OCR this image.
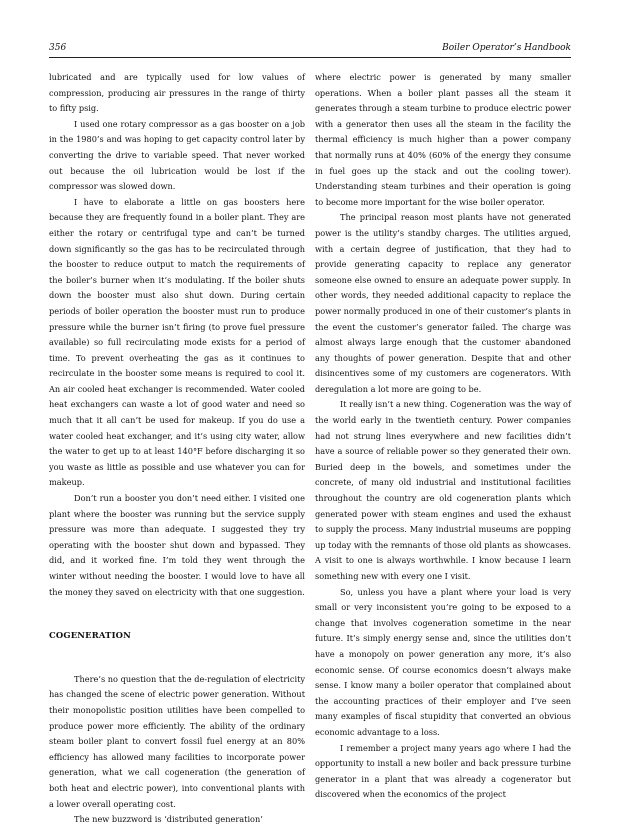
356	Boiler Operator’s Handbook

lubricated and are typically used for low values of compression, producing air pressures in the range of thirty to fifty psig.

I used one rotary compressor as a gas booster on a job in the 1980’s and was hoping to get capacity control later by converting the drive to variable speed. That never worked out because the oil lubrication would be lost if the compressor was slowed down.

I have to elaborate a little on gas boosters here because they are frequently found in a boiler plant. They are either the rotary or centrifugal type and can’t be turned down significantly so the gas has to be recirculated through the booster to reduce output to match the requirements of the boiler’s burner when it’s modulating. If the boiler shuts down the booster must also shut down. During certain periods of boiler operation the booster must run to produce pressure while the burner isn’t firing (to prove fuel pressure available) so full recirculating mode exists for a period of time. To prevent overheating the gas as it continues to recirculate in the booster some means is required to cool it. An air cooled heat exchanger is recommended. Water cooled heat exchangers can waste a lot of good water and need so much that it all can’t be used for makeup. If you do use a water cooled heat exchanger, and it’s using city water, allow the water to get up to at least 140°F before discharging it so you waste as little as possible and use whatever you can for makeup.

Don’t run a booster you don’t need either. I visited one plant where the booster was running but the service supply pressure was more than adequate. I suggested they try operating with the booster shut down and bypassed. They did, and it worked fine. I’m told they went through the winter without needing the booster. I would love to have all the money they saved on electricity with that one suggestion.

COGENERATION

There’s no question that the de-regulation of electricity has changed the scene of electric power generation. Without their monopolistic position utilities have been compelled to produce power more efficiently. The ability of the ordinary steam boiler plant to convert fossil fuel energy at an 80% efficiency has allowed many facilities to incorporate power generation, what we call cogeneration (the generation of both heat and electric power), into conventional plants with a lower overall operating cost.

The new buzzword is ‘distributed generation’

where electric power is generated by many smaller operations. When a boiler plant passes all the steam it generates through a steam turbine to produce electric power with a generator then uses all the steam in the facility the thermal efficiency is much higher than a power company that normally runs at 40% (60% of the energy they consume in fuel goes up the stack and out the cooling tower). Understanding steam turbines and their operation is going to become more important for the wise boiler operator.

The principal reason most plants have not generated power is the utility’s standby charges. The utilities argued, with a certain degree of justification, that they had to provide generating capacity to replace any generator someone else owned to ensure an adequate power supply. In other words, they needed additional capacity to replace the power normally produced in one of their customer’s plants in the event the customer’s generator failed. The charge was almost always large enough that the customer abandoned any thoughts of power generation. Despite that and other disincentives some of my customers are cogenerators. With deregulation a lot more are going to be.

It really isn’t a new thing. Cogeneration was the way of the world early in the twentieth century. Power companies had not strung lines everywhere and new facilities didn’t have a source of reliable power so they generated their own. Buried deep in the bowels, and sometimes under the concrete, of many old industrial and institutional facilities throughout the country are old cogeneration plants which generated power with steam engines and used the exhaust to supply the process. Many industrial museums are popping up today with the remnants of those old plants as showcases. A visit to one is always worthwhile. I know because I learn something new with every one I visit.

So, unless you have a plant where your load is very small or very inconsistent you’re going to be exposed to a change that involves cogeneration sometime in the near future. It’s simply energy sense and, since the utilities don’t have a monopoly on power generation any more, it’s also economic sense. Of course economics doesn’t always make sense. I know many a boiler operator that complained about the accounting practices of their employer and I’ve seen many examples of fiscal stupidity that converted an obvious economic advantage to a loss.

I remember a project many years ago where I had the opportunity to install a new boiler and back pressure turbine generator in a plant that was already a cogenerator but discovered when the economics of the project
